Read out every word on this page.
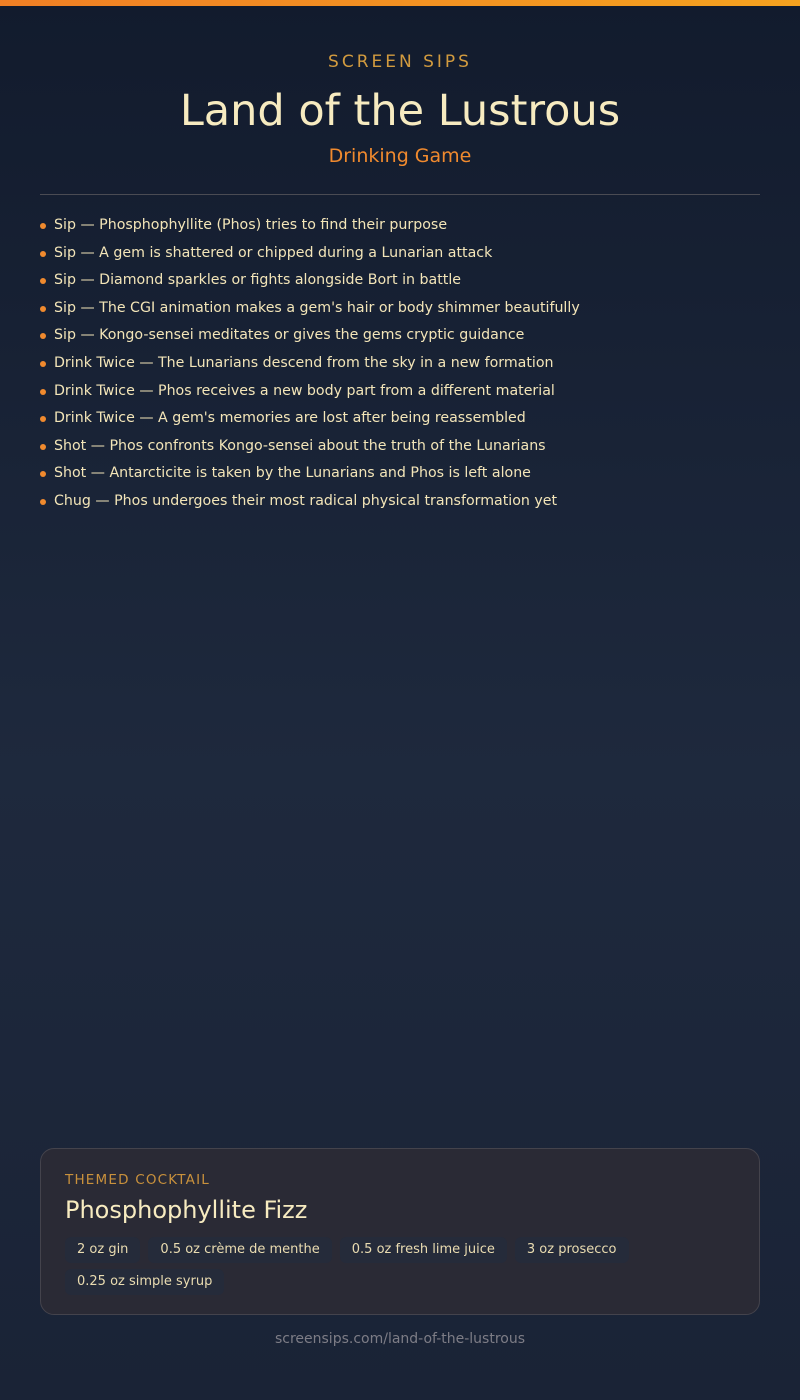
SCREEN SIPS
Land of the Lustrous
Drinking Game
Sip — Phosphophyllite (Phos) tries to find their purpose
Sip — A gem is shattered or chipped during a Lunarian attack
Sip — Diamond sparkles or fights alongside Bort in battle
Sip — The CGI animation makes a gem's hair or body shimmer beautifully
Sip — Kongo-sensei meditates or gives the gems cryptic guidance
Drink Twice — The Lunarians descend from the sky in a new formation
Drink Twice — Phos receives a new body part from a different material
Drink Twice — A gem's memories are lost after being reassembled
Shot — Phos confronts Kongo-sensei about the truth of the Lunarians
Shot — Antarcticite is taken by the Lunarians and Phos is left alone
Chug — Phos undergoes their most radical physical transformation yet
THEMED COCKTAIL
Phosphophyllite Fizz
2 oz gin	0.5 oz crème de menthe	0.5 oz fresh lime juice	3 oz prosecco
0.25 oz simple syrup
screensips.com/land-of-the-lustrous
